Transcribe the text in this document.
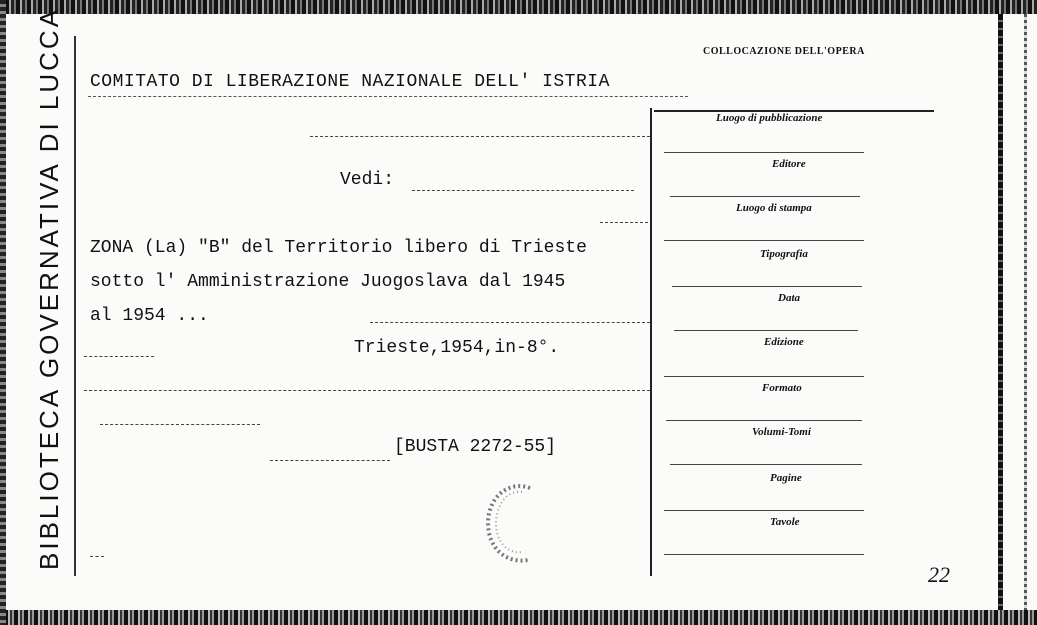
BIBLIOTECA GOVERNATIVA DI LUCCA	COLLOCAZIONE DELL'OPERA
COMITATO DI LIBERAZIONE NAZIONALE DELL' ISTRIA
Vedi:
ZONA (La) "B" del Territorio libero di Trieste
sotto l' Amministrazione Juogoslava dal 1945
al 1954 ...
Trieste,1954,in-8°.
[BUSTA 2272-55]
Luogo di pubblicazione
Editore
Luogo di stampa
Tipografia
Data
Edizione
Formato
Volumi-Tomi
Pagine
Tavole
22
